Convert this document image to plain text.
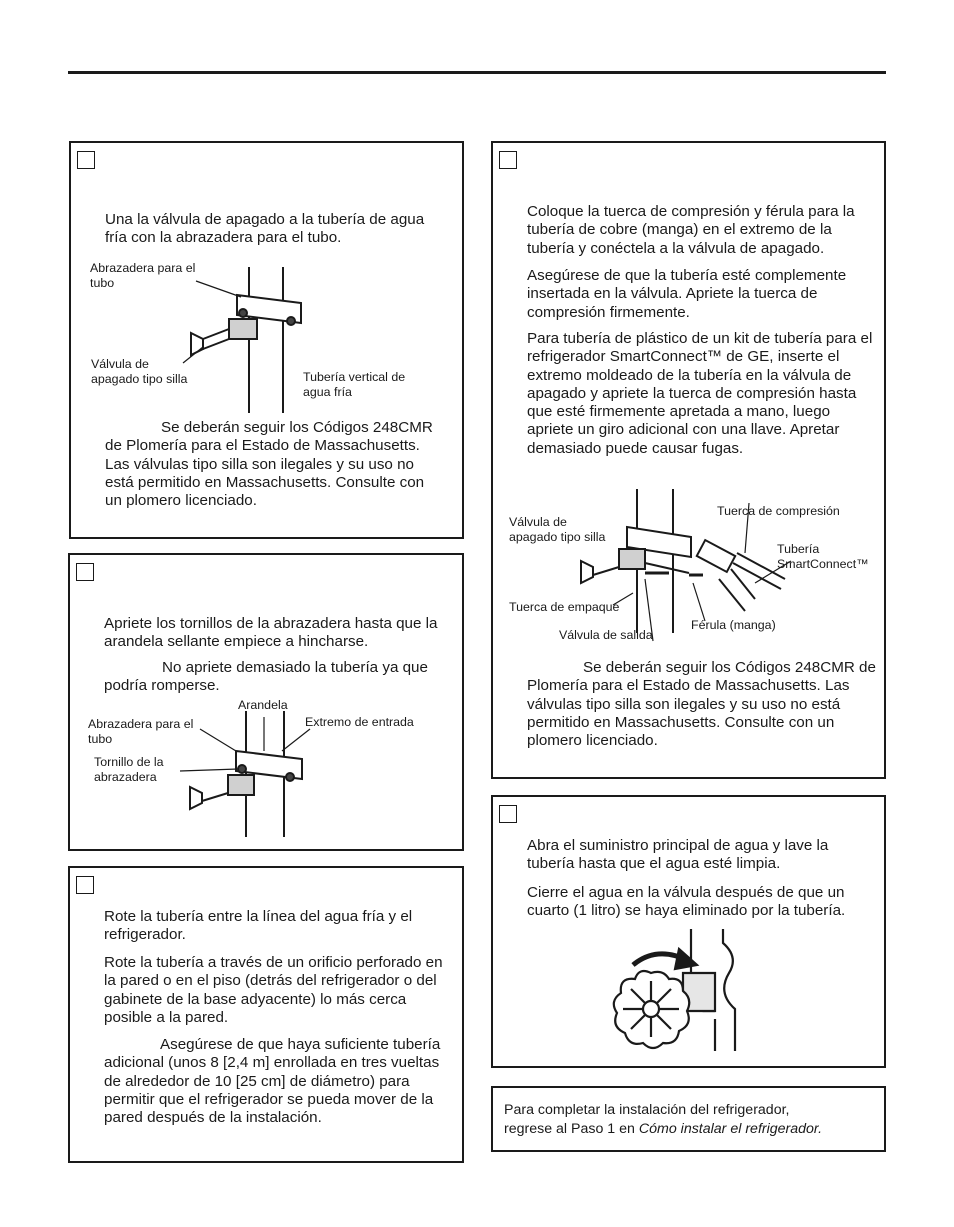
Una la válvula de apagado a la tubería de agua fría con la abrazadera para el tubo.

Abrazadera para el tubo

Válvula de apagado tipo silla	Tubería vertical de agua fría

Se deberán seguir los Códigos 248CMR de Plomería para el Estado de Massachusetts. Las válvulas tipo silla son ilegales y su uso no está permitido en Massachusetts. Consulte con un plomero licenciado.

Apriete los tornillos de la abrazadera hasta que la arandela sellante empiece a hincharse.

No apriete demasiado la tubería ya que podría romperse.

Arandela

Extremo de entrada

Abrazadera para el tubo

Tornillo de la abrazadera

Rote la tubería entre la línea del agua fría y el refrigerador.

Rote la tubería a través de un orificio perforado en la pared o en el piso (detrás del refrigerador o del gabinete de la base adyacente) lo más cerca posible a la pared.

Asegúrese de que haya suficiente tubería adicional (unos 8 [2,4 m] enrollada en tres vueltas de alrededor de 10 [25 cm] de diámetro) para permitir que el refrigerador se pueda mover de la pared después de la instalación.

Coloque la tuerca de compresión y férula para la tubería de cobre (manga) en el extremo de la tubería y conéctela a la válvula de apagado.

Asegúrese de que la tubería esté complemente insertada en la válvula. Apriete la tuerca de compresión firmemente.

Para tubería de plástico de un kit de tubería para el refrigerador SmartConnect™ de GE, inserte el extremo moldeado de la tubería en la válvula de apagado y apriete la tuerca de compresión hasta que esté firmemente apretada a mano, luego apriete un giro adicional con una llave. Apretar demasiado puede causar fugas.

Tuerca de compresión

Válvula de apagado tipo silla

Tubería SmartConnect™

Tuerca de empaque

Férula (manga)

Válvula de salida

Se deberán seguir los Códigos 248CMR de Plomería para el Estado de Massachusetts. Las válvulas tipo silla son ilegales y su uso no está permitido en Massachusetts. Consulte con un plomero licenciado.

Abra el suministro principal de agua y lave la tubería hasta que el agua esté limpia.

Cierre el agua en la válvula después de que un cuarto (1 litro) se haya eliminado por la tubería.

Para completar la instalación del refrigerador,

regrese al Paso 1 en Cómo instalar el refrigerador.
